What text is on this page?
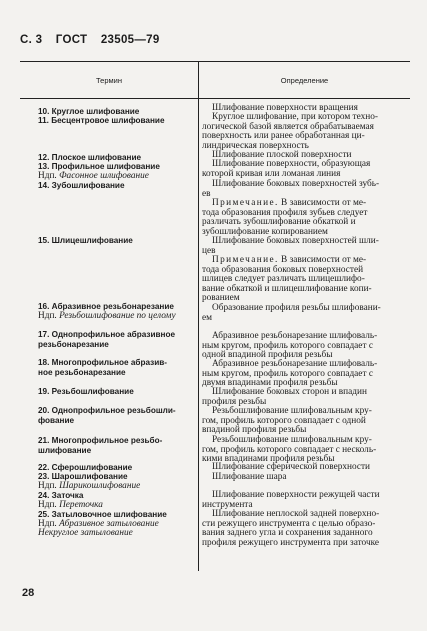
С. 3 ГОСТ 23505—79
Термин	Определение
10. Круглое шлифование
11. Бесцентровое шлифование
12. Плоское шлифование
13. Профильное шлифование
Ндп. Фасонное шлифование
14. Зубошлифование
15. Шлицешлифование
16. Абразивное резьбонарезание
Ндп. Резьбошлифование по целому
17. Однопрофильное абразивное
резьбонарезание
18. Многопрофильное абразив-
ное резьбонарезание
19. Резьбошлифование
20. Однопрофильное резьбошли-
фование
21. Многопрофильное резьбо-
шлифование
22. Сферошлифование
23. Шарошлифование
Ндп. Шарикошлифование
24. Заточка
Ндп. Переточка
25. Затыловочное шлифование
Ндп. Абразивное затылование
Некруглое затылование
Шлифование поверхности вращения
Круглое шлифование, при котором техно-
логической базой является обрабатываемая
поверхность или ранее обработанная ци-
линдрическая поверхность
Шлифование плоской поверхности
Шлифование поверхности, образующая
которой кривая или ломаная линия
Шлифование боковых поверхностей зубь-
ев
Примечание. В зависимости от ме-
тода образования профиля зубьев следует
различать зубошлифование обкаткой и
зубошлифование копированием
Шлифование боковых поверхностей шли-
цев
Примечание. В зависимости от ме-
тода образования боковых поверхностей
шлицев следует различать шлицешлифо-
вание обкаткой и шлицешлифование копи-
рованием
Образование профиля резьбы шлифовани-
ем
Абразивное резьбонарезание шлифоваль-
ным кругом, профиль которого совпадает с
одной впадиной профиля резьбы
Абразивное резьбонарезание шлифоваль-
ным кругом, профиль которого совпадает с
двумя впадинами профиля резьбы
Шлифование боковых сторон и впадин
профиля резьбы
Резьбошлифование шлифовальным кру-
гом, профиль которого совпадает с одной
впадиной профиля резьбы
Резьбошлифование шлифовальным кру-
гом, профиль которого совпадает с несколь-
кими впадинами профиля резьбы
Шлифование сферической поверхности
Шлифование шара
Шлифование поверхности режущей части
инструмента
Шлифование неплоской задней поверхно-
сти режущего инструмента с целью образо-
вания заднего угла и сохранения заданного
профиля режущего инструмента при заточке
28
